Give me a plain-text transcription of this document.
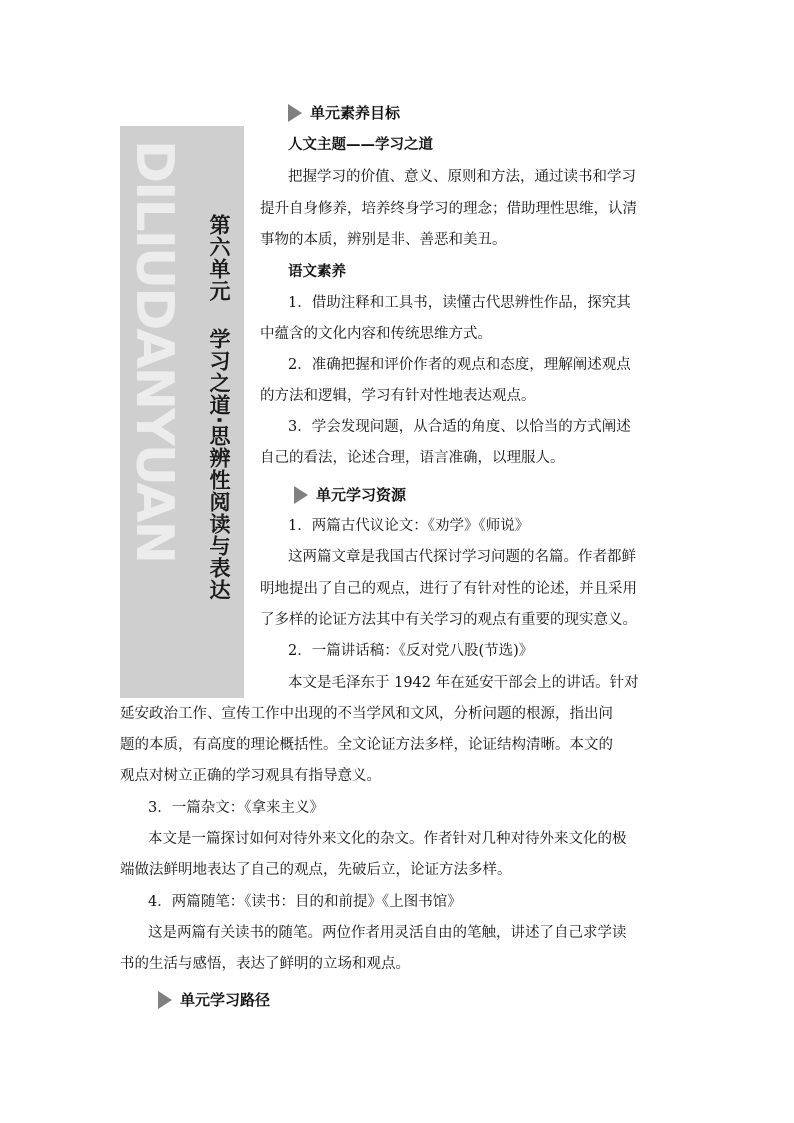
DILIUDANYUAN 第六单元
学习之道·思辨性阅读与表达
单元素养目标
人文主题——学习之道
把握学习的价值、意义、原则和方法，通过读书和学习
提升自身修养，培养终身学习的理念；借助理性思维，认清
事物的本质，辨别是非、善恶和美丑。
语文素养
1．借助注释和工具书，读懂古代思辨性作品，探究其
中蕴含的文化内容和传统思维方式。
2．准确把握和评价作者的观点和态度，理解阐述观点
的方法和逻辑，学习有针对性地表达观点。
3．学会发现问题，从合适的角度、以恰当的方式阐述
自己的看法，论述合理，语言准确，以理服人。
单元学习资源
1．两篇古代议论文：《劝学》《师说》
这两篇文章是我国古代探讨学习问题的名篇。作者都鲜
明地提出了自己的观点，进行了有针对性的论述，并且采用
了多样的论证方法其中有关学习的观点有重要的现实意义。
2．一篇讲话稿：《反对党八股(节选)》
本文是毛泽东于 1942 年在延安干部会上的讲话。针对
延安政治工作、宣传工作中出现的不当学风和文风，分析问题的根源，指出问
题的本质，有高度的理论概括性。全文论证方法多样，论证结构清晰。本文的
观点对树立正确的学习观具有指导意义。
3．一篇杂文：《拿来主义》
本文是一篇探讨如何对待外来文化的杂文。作者针对几种对待外来文化的极
端做法鲜明地表达了自己的观点，先破后立，论证方法多样。
4．两篇随笔：《读书：目的和前提》《上图书馆》
这是两篇有关读书的随笔。两位作者用灵活自由的笔触，讲述了自己求学读
书的生活与感悟，表达了鲜明的立场和观点。
单元学习路径
